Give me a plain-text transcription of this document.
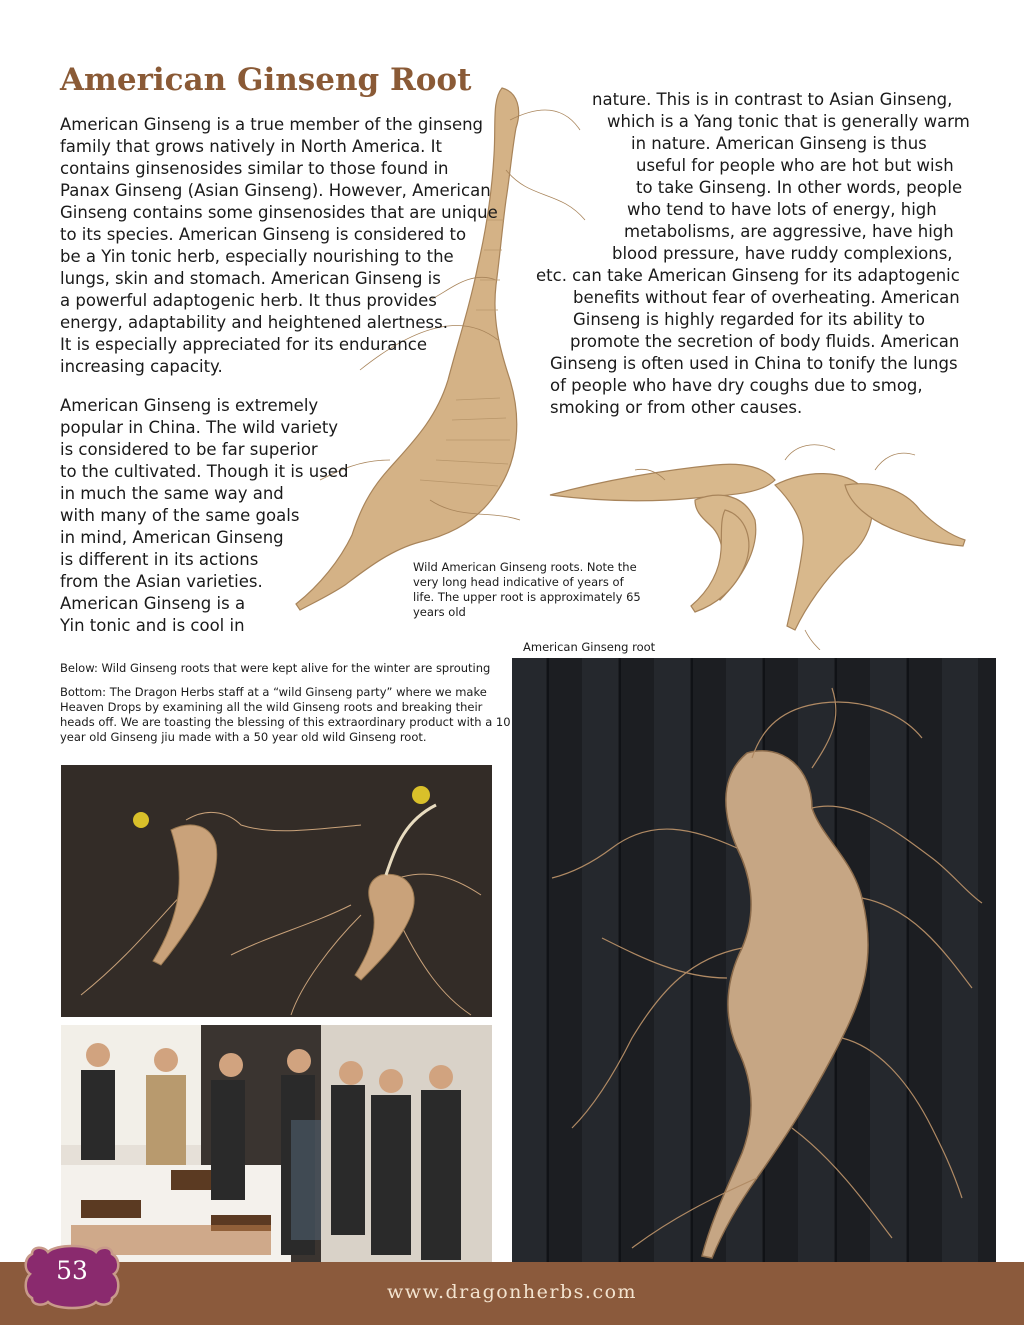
American Ginseng Root
American Ginseng is a true member of the ginseng
family that grows natively in North America. It
contains ginsenosides similar to those found in
Panax Ginseng (Asian Ginseng). However, American
Ginseng contains some ginsenosides that are unique
to its species. American Ginseng is considered to
be a Yin tonic herb, especially nourishing to the
lungs, skin and stomach. American Ginseng is
a powerful adaptogenic herb. It thus provides
energy, adaptability and heightened alertness.
It is especially appreciated for its endurance
increasing capacity.
American Ginseng is extremely
popular in China. The wild variety
is considered to be far superior
to the cultivated. Though it is used
in much the same way and
with many of the same goals
in mind, American Ginseng
is different in its actions
from the Asian varieties.
American Ginseng is a
Yin tonic and is cool in
nature. This is in contrast to Asian Ginseng,
which is a Yang tonic that is generally warm
in nature. American Ginseng is thus
useful for people who are hot but wish
to take Ginseng. In other words, people
who tend to have lots of energy, high
metabolisms, are aggressive, have high
blood pressure, have ruddy complexions,
etc. can take American Ginseng for its adaptogenic
benefits without fear of overheating. American
Ginseng is highly regarded for its ability to
promote the secretion of body fluids. American
Ginseng is often used in China to tonify the lungs
of people who have dry coughs due to smog,
smoking or from other causes.
Wild American Ginseng roots. Note the
very long head indicative of years of
life. The upper root is approximately 65
years old
American Ginseng root
Below: Wild Ginseng roots that were kept alive for the winter are sprouting
Bottom: The Dragon Herbs staff at a “wild Ginseng party” where we make
Heaven Drops by examining all the wild Ginseng roots and breaking their
heads off. We are toasting the blessing of this extraordinary product with a 10
year old Ginseng jiu made with a 50 year old wild Ginseng root.
53
www.dragonherbs.com
